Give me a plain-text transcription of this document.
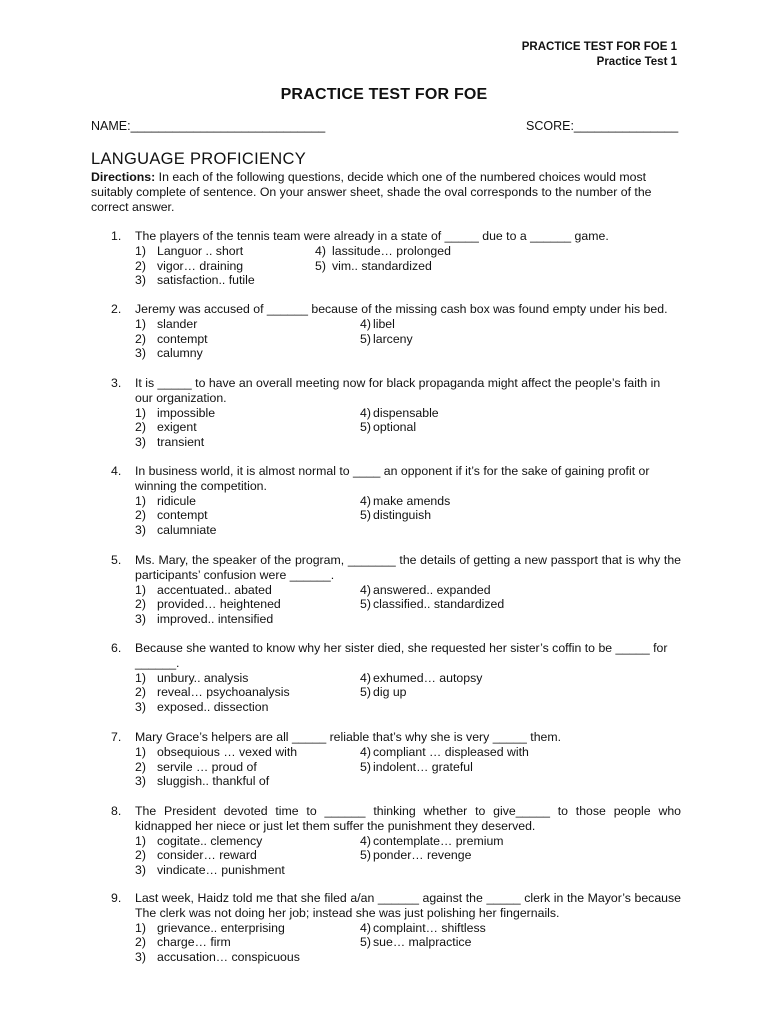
PRACTICE TEST FOR FOE 1
Practice Test 1
PRACTICE TEST FOR FOE
NAME:____________________________	SCORE:_______________
LANGUAGE PROFICIENCY
Directions: In each of the following questions, decide which one of the numbered choices would most suitably complete of sentence. On your answer sheet, shade the oval corresponds to the number of the correct answer.
1. The players of the tennis team were already in a state of _____ due to a ______ game.
1) Languor .. short	4) lassitude… prolonged
2) vigor… draining	5) vim.. standardized
3) satisfaction.. futile
2. Jeremy was accused of ______ because of the missing cash box was found empty under his bed.
1) slander	4) libel
2) contempt	5) larceny
3) calumny
3. It is _____ to have an overall meeting now for black propaganda might affect the people’s faith in our organization.
1) impossible	4) dispensable
2) exigent	5) optional
3) transient
4. In business world, it is almost normal to ____ an opponent if it’s for the sake of gaining profit or winning the competition.
1) ridicule	4) make amends
2) contempt	5) distinguish
3) calumniate
5. Ms. Mary, the speaker of the program, _______ the details of getting a new passport that is why the participants’ confusion were ______.
1) accentuated.. abated	4) answered.. expanded
2) provided… heightened	5) classified.. standardized
3) improved.. intensified
6. Because she wanted to know why her sister died, she requested her sister’s coffin to be _____ for ______.
1) unbury.. analysis	4) exhumed… autopsy
2) reveal… psychoanalysis	5) dig up
3) exposed.. dissection
7. Mary Grace’s helpers are all _____ reliable that’s why she is very _____ them.
1) obsequious … vexed with	4) compliant … displeased with
2) servile … proud of	5) indolent… grateful
3) sluggish.. thankful of
8. The President devoted time to ______ thinking whether to give_____ to those people who kidnapped her niece or just let them suffer the punishment they deserved.
1) cogitate.. clemency	4) contemplate… premium
2) consider… reward	5) ponder… revenge
3) vindicate… punishment
9. Last week, Haidz told me that she filed a/an ______ against the _____ clerk in the Mayor’s because The clerk was not doing her job; instead she was just polishing her fingernails.
1) grievance.. enterprising	4) complaint… shiftless
2) charge… firm	5) sue… malpractice
3) accusation… conspicuous
